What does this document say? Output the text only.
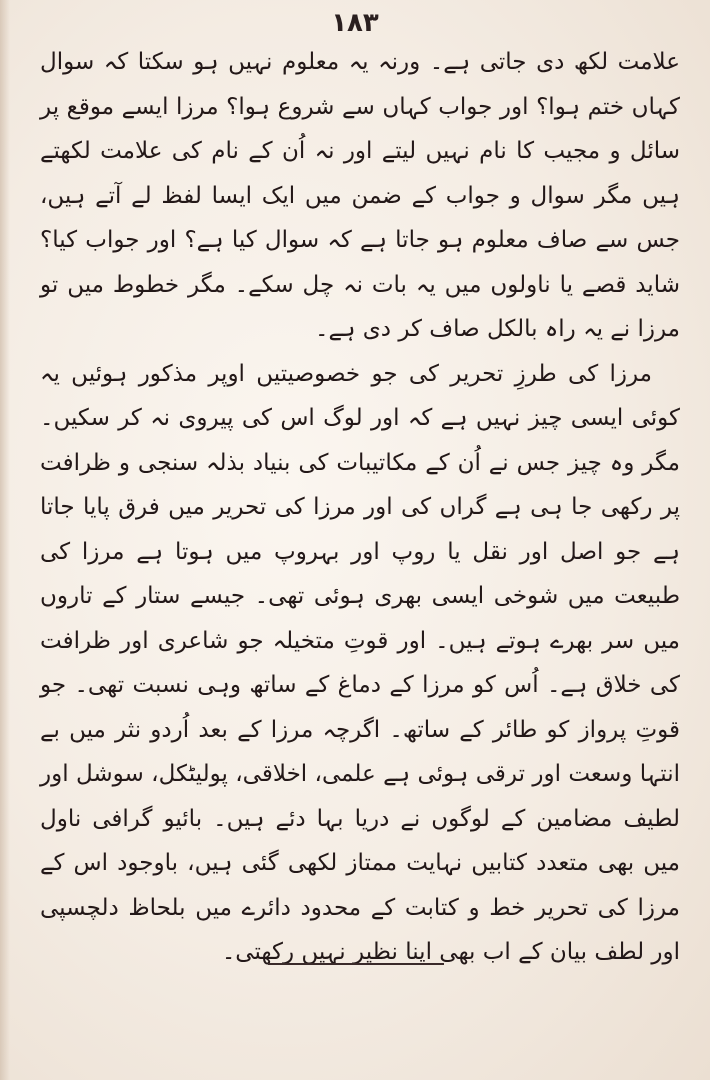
۱۸۳

علامت لکھ دی جاتی ہے۔ ورنہ یہ معلوم نہیں ہو سکتا کہ سوال کہاں ختم ہوا؟ اور جواب کہاں سے شروع ہوا؟ مرزا ایسے موقع پر سائل و مجیب کا نام نہیں لیتے اور نہ اُن کے نام کی علامت لکھتے ہیں مگر سوال و جواب کے ضمن میں ایک ایسا لفظ لے آتے ہیں، جس سے صاف معلوم ہو جاتا ہے کہ سوال کیا ہے؟ اور جواب کیا؟ شاید قصے یا ناولوں میں یہ بات نہ چل سکے۔ مگر خطوط میں تو مرزا نے یہ راہ بالکل صاف کر دی ہے۔

مرزا کی طرزِ تحریر کی جو خصوصیتیں اوپر مذکور ہوئیں یہ کوئی ایسی چیز نہیں ہے کہ اور لوگ اس کی پیروی نہ کر سکیں۔ مگر وہ چیز جس نے اُن کے مکاتیبات کی بنیاد بذلہ سنجی و ظرافت پر رکھی جا ہی ہے گراں کی اور مرزا کی تحریر میں فرق پایا جاتا ہے جو اصل اور نقل یا روپ اور بہروپ میں ہوتا ہے مرزا کی طبیعت میں شوخی ایسی بھری ہوئی تھی۔ جیسے ستار کے تاروں میں سر بھرے ہوتے ہیں۔ اور قوتِ متخیلہ جو شاعری اور ظرافت کی خلاق ہے۔ اُس کو مرزا کے دماغ کے ساتھ وہی نسبت تھی۔ جو قوتِ پرواز کو طائر کے ساتھ۔ اگرچہ مرزا کے بعد اُردو نثر میں بے انتہا وسعت اور ترقی ہوئی ہے علمی، اخلاقی، پولیٹکل، سوشل اور لطیف مضامین کے لوگوں نے دریا بہا دئے ہیں۔ بائیو گرافی ناول میں بھی متعدد کتابیں نہایت ممتاز لکھی گئی ہیں، باوجود اس کے مرزا کی تحریر خط و کتابت کے محدود دائرے میں بلحاظ دلچسپی اور لطف بیان کے اب بھی اپنا نظیر نہیں رکھتی۔
